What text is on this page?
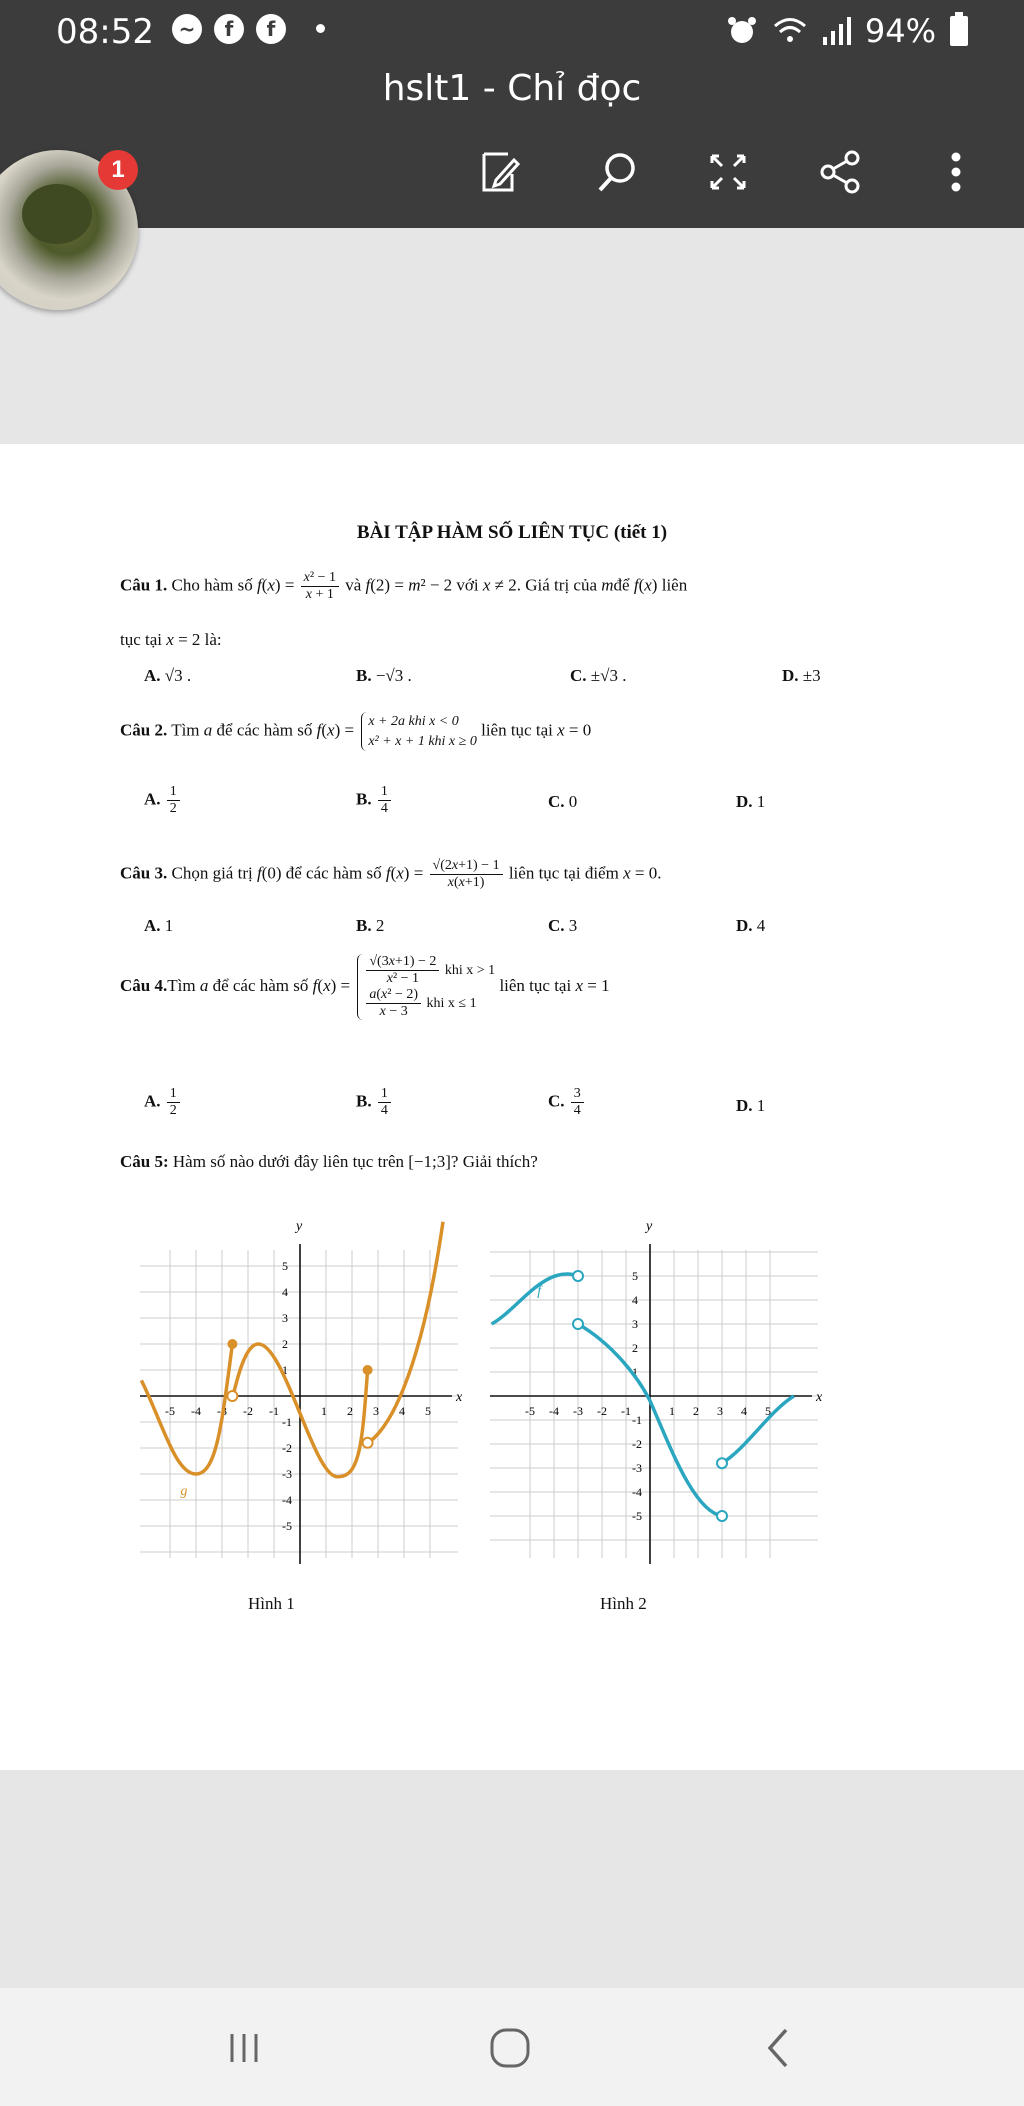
08:52	~	f	f	94%
hslt1 - Chỉ đọc
1
BÀI TẬP HÀM SỐ LIÊN TỤC (tiết 1)
Câu 1. Cho hàm số $f(x) = \frac{\text{x² − 1}}{x + 1}$ và f(2) = m² − 2 với x ≠ 2. Giá trị của mđể f(x) liên
tục tại x = 2 là:
A. √3 .	B. −√3 .	C. ±√3 .	D. ±3
Câu 2. Tìm a để các hàm số f(x) = x + 2a khi x < 0
x² + x + 1 khi x ≥ 0 liên tục tại x = 0
A. $\frac{1}{2}$	B. $\frac{1}{4}$	C. 0	D. 1
Câu 3. Chọn giá trị f(0) để các hàm số $f(x) = \frac{√(2x+1) - 1}{x(x+1)}$ liên tục tại điểm x = 0.
A. 1	B. 2	C. 3	D. 4
Câu 4.Tìm a để các hàm số $f(x) = \frac{√(3x+1) - 2}{\text{x² − 1}}$ khi x > 1

$\frac{\text{a(x² − 2)}}{x - 3}$ khi x ≤ 1 liên tục tại x = 1
A. $\frac{1}{2}$	B. $\frac{1}{4}$	C. $\frac{3}{4}$	D. 1
Câu 5: Hàm số nào dưới đây liên tục trên [−1;3]? Giải thích?
x
y
-5 -4 -3 -2 -1	1 2 3 4 5
-5
-4
-3
-2
-1
1
2
3
4
5
g
Hình 1
x
y
-5 -4 -3 -2 -1	1 2 3 4 5
-5
-4
-3
-2
-1
1
2
3
4
5
f
Hình 2
